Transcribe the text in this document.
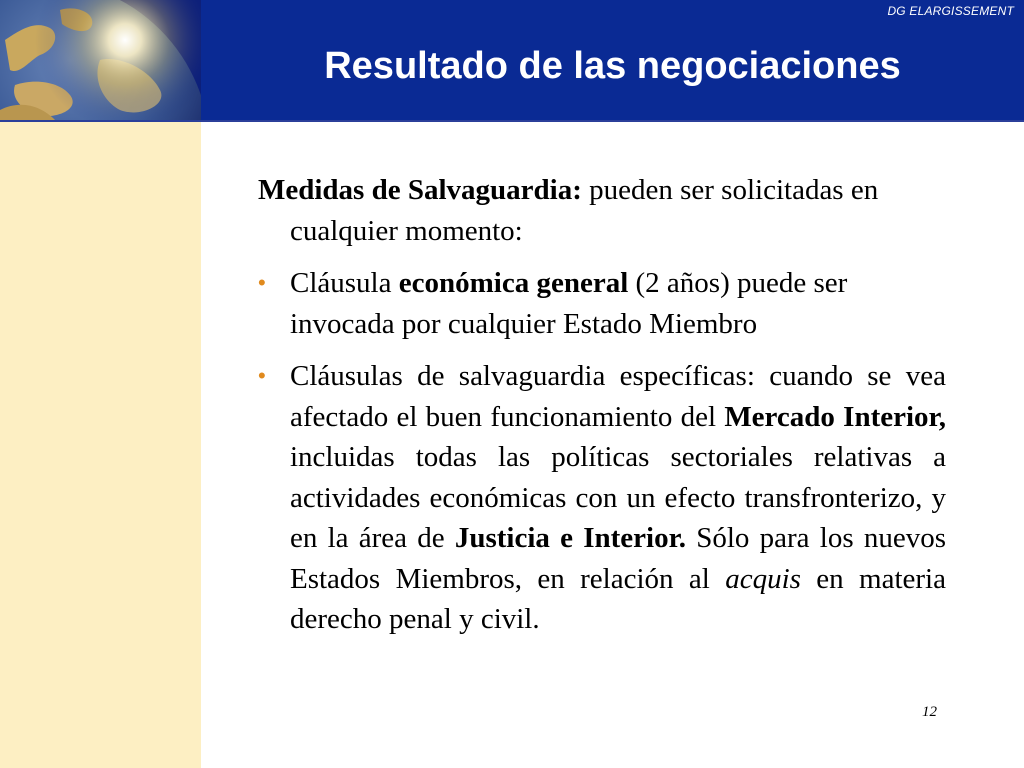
DG ELARGISSEMENT
Resultado de las negociaciones

Medidas de Salvaguardia: pueden ser solicitadas en cualquier momento:

• Cláusula económica general (2 años) puede ser invocada por cualquier Estado Miembro

• Cláusulas de salvaguardia específicas: cuando se vea afectado el buen funcionamiento del Mercado Interior, incluidas todas las políticas sectoriales relativas a actividades económicas con un efecto transfronterizo, y en la área de Justicia e Interior. Sólo para los nuevos Estados Miembros, en relación al acquis en materia derecho penal y civil.

12
